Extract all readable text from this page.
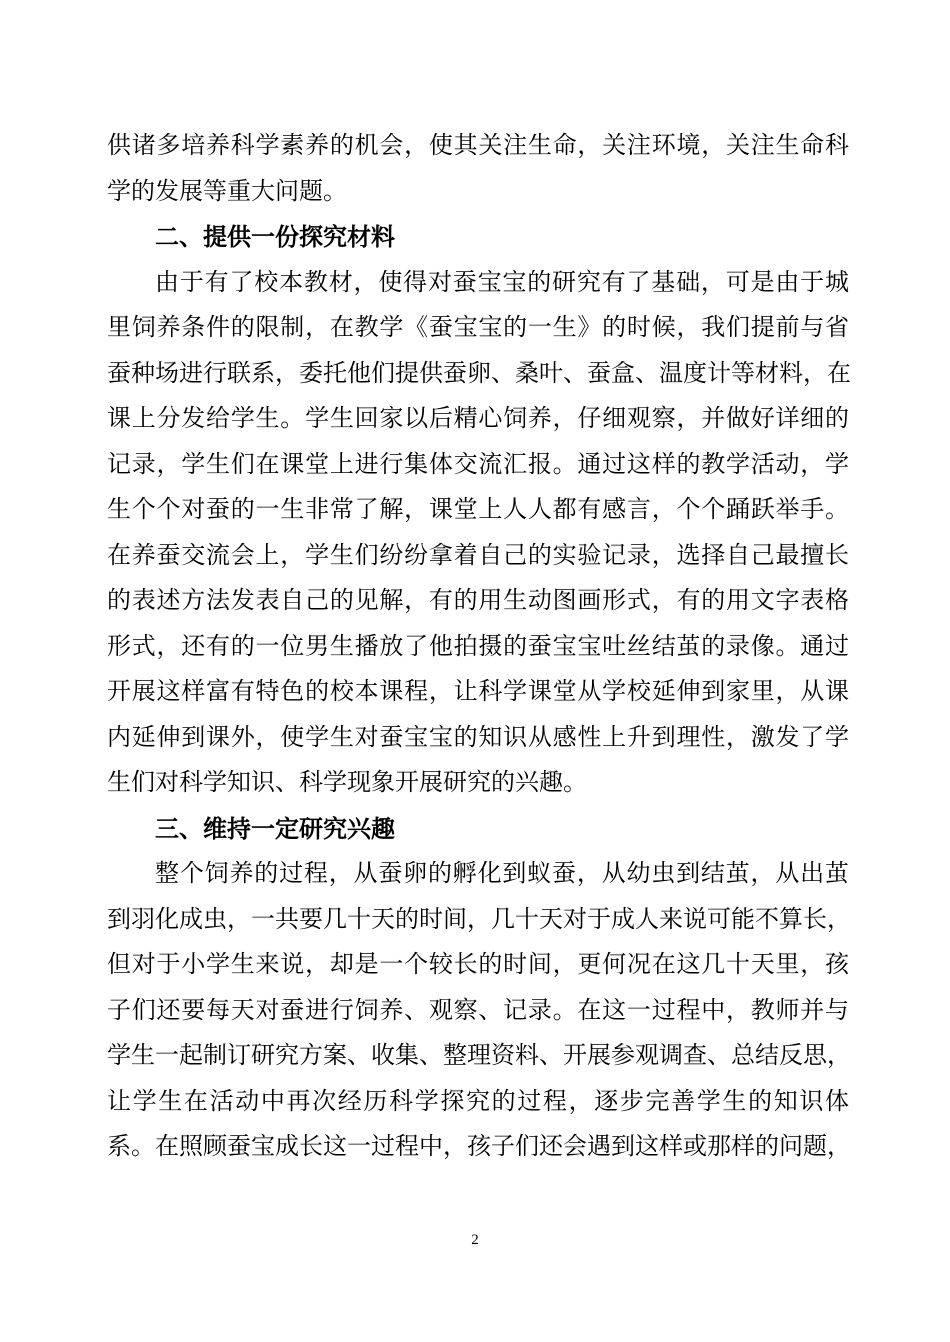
供诸多培养科学素养的机会，使其关注生命，关注环境，关注生命科
学的发展等重大问题。
二、提供一份探究材料
由于有了校本教材，使得对蚕宝宝的研究有了基础，可是由于城
里饲养条件的限制，在教学《蚕宝宝的一生》的时候，我们提前与省
蚕种场进行联系，委托他们提供蚕卵、桑叶、蚕盒、温度计等材料，在
课上分发给学生。学生回家以后精心饲养，仔细观察，并做好详细的
记录，学生们在课堂上进行集体交流汇报。通过这样的教学活动，学
生个个对蚕的一生非常了解，课堂上人人都有感言，个个踊跃举手。
在养蚕交流会上，学生们纷纷拿着自己的实验记录，选择自己最擅长
的表述方法发表自己的见解，有的用生动图画形式，有的用文字表格
形式，还有的一位男生播放了他拍摄的蚕宝宝吐丝结茧的录像。通过
开展这样富有特色的校本课程，让科学课堂从学校延伸到家里，从课
内延伸到课外，使学生对蚕宝宝的知识从感性上升到理性，激发了学
生们对科学知识、科学现象开展研究的兴趣。
三、维持一定研究兴趣
整个饲养的过程，从蚕卵的孵化到蚁蚕，从幼虫到结茧，从出茧
到羽化成虫，一共要几十天的时间，几十天对于成人来说可能不算长，
但对于小学生来说，却是一个较长的时间，更何况在这几十天里，孩
子们还要每天对蚕进行饲养、观察、记录。在这一过程中，教师并与
学生一起制订研究方案、收集、整理资料、开展参观调查、总结反思，
让学生在活动中再次经历科学探究的过程，逐步完善学生的知识体
系。在照顾蚕宝成长这一过程中，孩子们还会遇到这样或那样的问题，
2
